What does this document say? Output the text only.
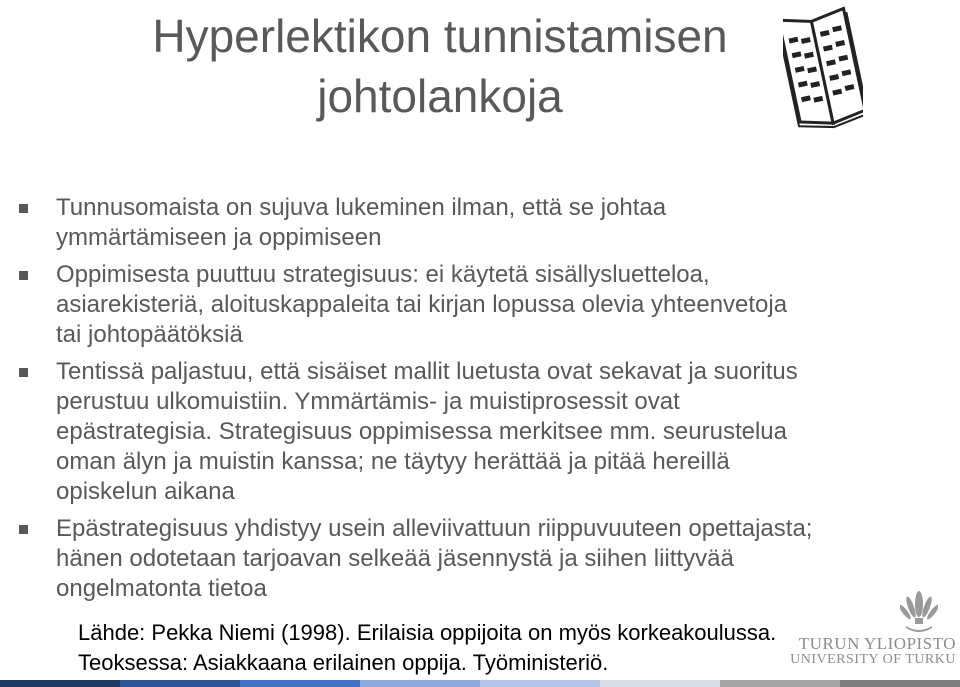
Hyperlektikon tunnistamisen
johtolankoja
Tunnusomaista on sujuva lukeminen ilman, että se johtaa
ymmärtämiseen ja oppimiseen
Oppimisesta puuttuu strategisuus: ei käytetä sisällysluetteloa,
asiarekisteriä, aloituskappaleita tai kirjan lopussa olevia yhteenvetoja
tai johtopäätöksiä
Tentissä paljastuu, että sisäiset mallit luetusta ovat sekavat ja suoritus
perustuu ulkomuistiin. Ymmärtämis- ja muistiprosessit ovat
epästrategisia. Strategisuus oppimisessa merkitsee mm. seurustelua
oman älyn ja muistin kanssa; ne täytyy herättää ja pitää hereillä
opiskelun aikana
Epästrategisuus yhdistyy usein alleviivattuun riippuvuuteen opettajasta;
hänen odotetaan tarjoavan selkeää jäsennystä ja siihen liittyvää
ongelmatonta tietoa
TURUN YLIOPISTO
UNIVERSITY OF TURKU
Lähde: Pekka Niemi (1998). Erilaisia oppijoita on myös korkeakoulussa.
Teoksessa: Asiakkaana erilainen oppija. Työministeriö.
